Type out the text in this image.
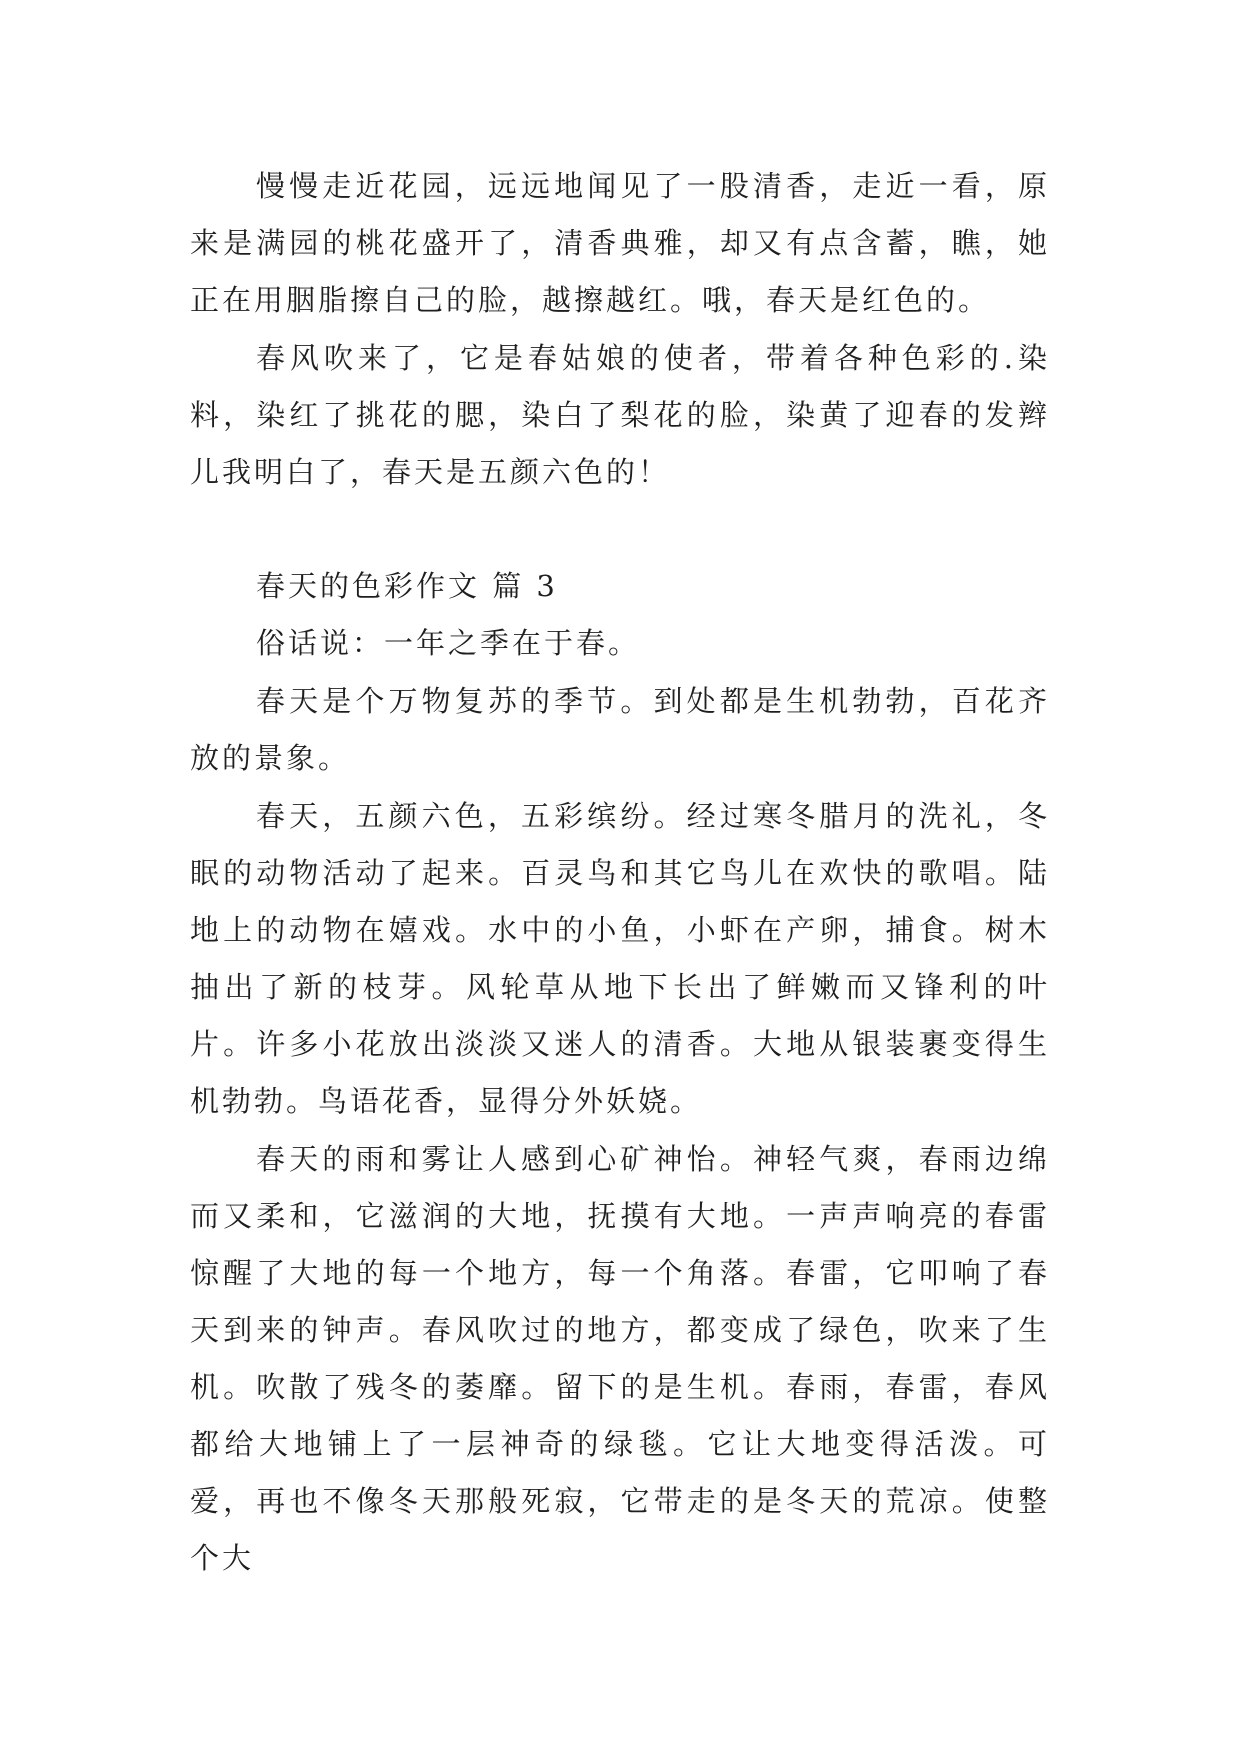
慢慢走近花园，远远地闻见了一股清香，走近一看，原来是满园的桃花盛开了，清香典雅，却又有点含蓄，瞧，她正在用胭脂擦自己的脸，越擦越红。哦，春天是红色的。

春风吹来了，它是春姑娘的使者，带着各种色彩的.染料，染红了挑花的腮，染白了梨花的脸，染黄了迎春的发辫儿我明白了，春天是五颜六色的！

春天的色彩作文 篇 3

俗话说：一年之季在于春。

春天是个万物复苏的季节。到处都是生机勃勃，百花齐放的景象。

春天，五颜六色，五彩缤纷。经过寒冬腊月的洗礼，冬眠的动物活动了起来。百灵鸟和其它鸟儿在欢快的歌唱。陆地上的动物在嬉戏。水中的小鱼，小虾在产卵，捕食。树木抽出了新的枝芽。风轮草从地下长出了鲜嫩而又锋利的叶片。许多小花放出淡淡又迷人的清香。大地从银装裹变得生机勃勃。鸟语花香，显得分外妖娆。

春天的雨和雾让人感到心矿神怡。神轻气爽，春雨边绵而又柔和，它滋润的大地，抚摸有大地。一声声响亮的春雷惊醒了大地的每一个地方，每一个角落。春雷，它叩响了春天到来的钟声。春风吹过的地方，都变成了绿色，吹来了生机。吹散了残冬的萎靡。留下的是生机。春雨，春雷，春风都给大地铺上了一层神奇的绿毯。它让大地变得活泼。可爱，再也不像冬天那般死寂，它带走的是冬天的荒凉。使整个大
